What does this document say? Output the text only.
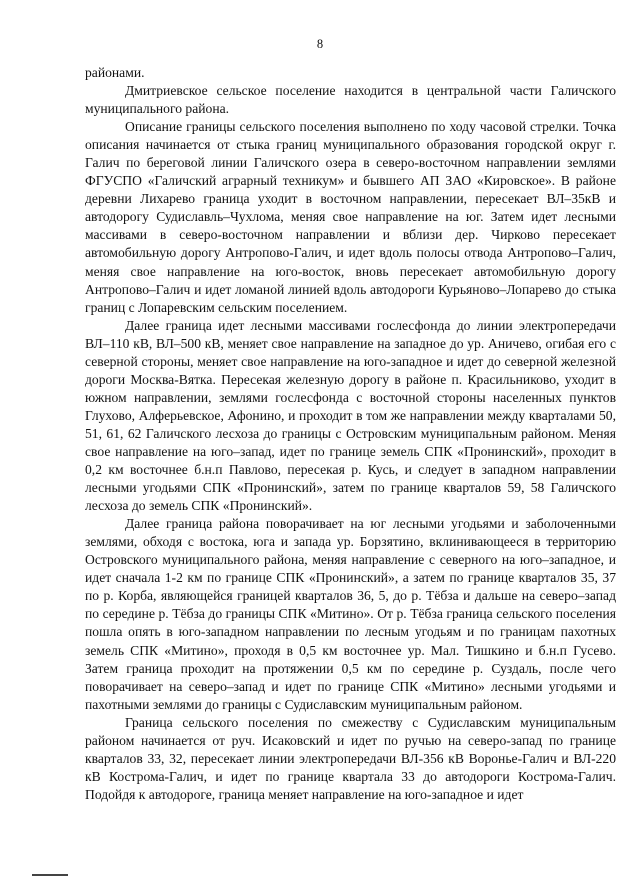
8

районами.

Дмитриевское сельское поселение находится в центральной части Галичского муниципального района.

Описание границы сельского поселения выполнено по ходу часовой стрелки. Точка описания начинается от стыка границ муниципального образования городской округ г. Галич по береговой линии Галичского озера в северо-восточном направлении землями ФГУСПО «Галичский аграрный техникум» и бывшего АП ЗАО «Кировское». В районе деревни Лихарево граница уходит в восточном направлении, пересекает ВЛ–35кВ и автодорогу Судиславль–Чухлома, меняя свое направление на юг. Затем идет лесными массивами в северо-восточном направлении и вблизи дер. Чирково пересекает автомобильную дорогу Антропово-Галич, и идет вдоль полосы отвода Антропово–Галич, меняя свое направление на юго-восток, вновь пересекает автомобильную дорогу Антропово–Галич и идет ломаной линией вдоль автодороги Курьяново–Лопарево до стыка границ с Лопаревским сельским поселением.

Далее граница идет лесными массивами гослесфонда до линии электропередачи ВЛ–110 кВ, ВЛ–500 кВ, меняет свое направление на западное до ур. Аничево, огибая его с северной стороны, меняет свое направление на юго-западное и идет до северной железной дороги Москва-Вятка. Пересекая железную дорогу в районе п. Красильниково, уходит в южном направлении, землями гослесфонда с восточной стороны населенных пунктов Глухово, Алферьевское, Афонино, и проходит в том же направлении между кварталами 50, 51, 61, 62 Галичского лесхоза до границы с Островским муниципальным районом. Меняя свое направление на юго–запад, идет по границе земель СПК «Пронинский», проходит в 0,2 км восточнее б.н.п Павлово, пересекая р. Кусь, и следует в западном направлении лесными угодьями СПК «Пронинский», затем по границе кварталов 59, 58 Галичского лесхоза до земель СПК «Пронинский».

Далее граница района поворачивает на юг лесными угодьями и заболоченными землями, обходя с востока, юга и запада ур. Борзятино, вклинивающееся в территорию Островского муниципального района, меняя направление с северного на юго–западное, и идет сначала 1-2 км по границе СПК «Пронинский», а затем по границе кварталов 35, 37 по р. Корба, являющейся границей кварталов 36, 5, до р. Тёбза и дальше на северо–запад по середине р. Тёбза до границы СПК «Митино». От р. Тёбза граница сельского поселения пошла опять в юго-западном направлении по лесным угодьям и по границам пахотных земель СПК «Митино», проходя в 0,5 км восточнее ур. Мал. Тишкино и б.н.п Гусево. Затем граница проходит на протяжении 0,5 км по середине р. Суздаль, после чего поворачивает на северо–запад и идет по границе СПК «Митино» лесными угодьями и пахотными землями до границы с Судиславским муниципальным районом.

Граница сельского поселения по смежеству с Судиславским муниципальным районом начинается от руч. Исаковский и идет по ручью на северо-запад по границе кварталов 33, 32, пересекает линии электропередачи ВЛ-356 кВ Воронье-Галич и ВЛ-220 кВ Кострома-Галич, и идет по границе квартала 33 до автодороги Кострома-Галич. Подойдя к автодороге, граница меняет направление на юго-западное и идет
